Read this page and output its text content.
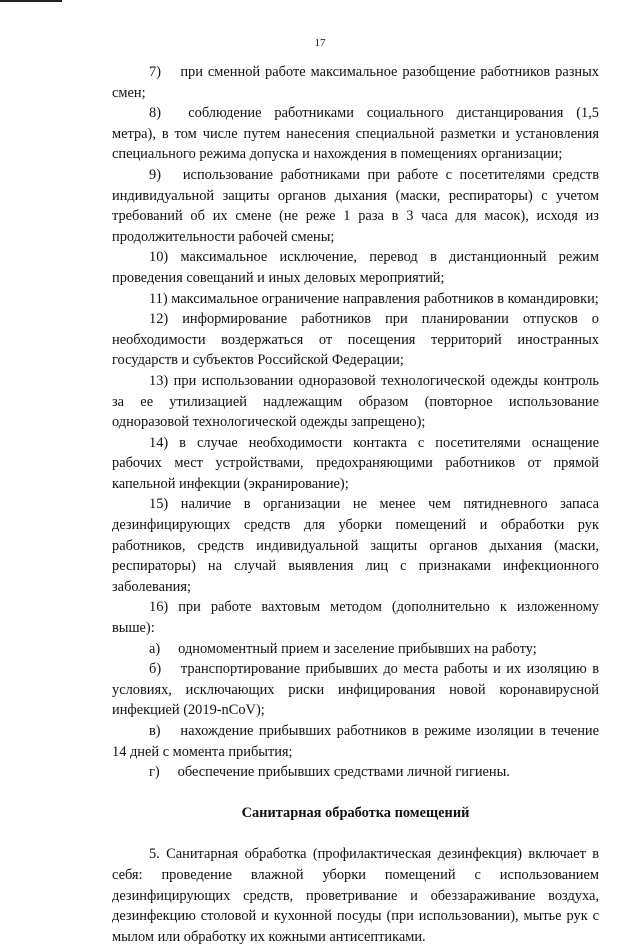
17

7)  при сменной работе максимальное разобщение работников разных смен;

8)  соблюдение работниками социального дистанцирования (1,5 метра), в том числе путем нанесения специальной разметки и установления специального режима допуска и нахождения в помещениях организации;

9)  использование работниками при работе с посетителями средств индивидуальной защиты органов дыхания (маски, респираторы) с учетом требований об их смене (не реже 1 раза в 3 часа для масок), исходя из продолжительности рабочей смены;

10) максимальное исключение, перевод в дистанционный режим проведения совещаний и иных деловых мероприятий;

11) максимальное ограничение направления работников в командировки;

12) информирование работников при планировании отпусков о необходимости воздержаться от посещения территорий иностранных государств и субъектов Российской Федерации;

13) при использовании одноразовой технологической одежды контроль за ее утилизацией надлежащим образом (повторное использование одноразовой технологической одежды запрещено);

14) в случае необходимости контакта с посетителями оснащение рабочих мест устройствами, предохраняющими работников от прямой капельной инфекции (экранирование);

15) наличие в организации не менее чем пятидневного запаса дезинфицирующих средств для уборки помещений и обработки рук работников, средств индивидуальной защиты органов дыхания (маски, респираторы) на случай выявления лиц с признаками инфекционного заболевания;

16) при работе вахтовым методом (дополнительно к изложенному выше):

а)  одномоментный прием и заселение прибывших на работу;

б)  транспортирование прибывших до места работы и их изоляцию в условиях, исключающих риски инфицирования новой коронавирусной инфекцией (2019-nCoV);

в)  нахождение прибывших работников в режиме изоляции в течение 14 дней с момента прибытия;

г)  обеспечение прибывших средствами личной гигиены.

Санитарная обработка помещений

5. Санитарная обработка (профилактическая дезинфекция) включает в себя: проведение влажной уборки помещений с использованием дезинфицирующих средств, проветривание и обеззараживание воздуха, дезинфекцию столовой и кухонной посуды (при использовании), мытье рук с мылом или обработку их кожными антисептиками.
